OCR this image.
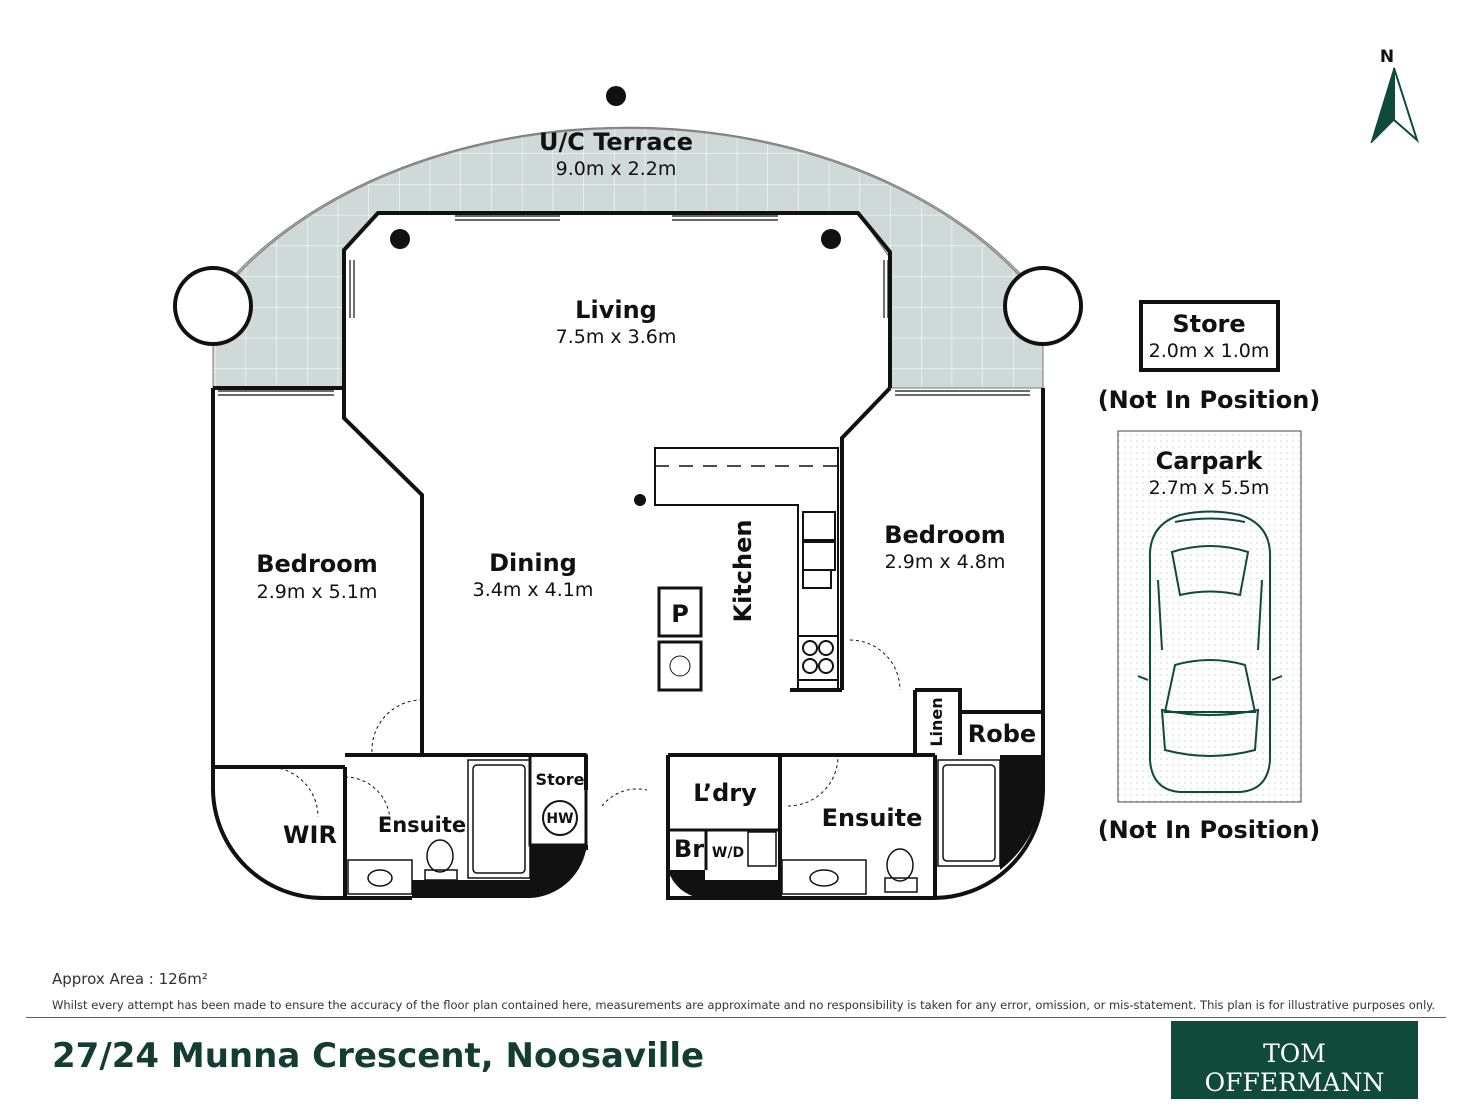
U/C Terrace
9.0m x 2.2m
Living
7.5m x 3.6m
Dining
3.4m x 4.1m
Bedroom
2.9m x 5.1m
Bedroom
2.9m x 4.8m
Kitchen
P
WIR Ensuite	Ensuite
Store
HW
L’dry
Br W/D
Linen Robe
Store
2.0m x 1.0m
(Not In Position)
Carpark
2.7m x 5.5m
(Not In Position)
N
Approx Area : 126m²
Whilst every attempt has been made to ensure the accuracy of the floor plan contained here, measurements are approximate and no responsibility is taken for any error, omission, or mis-statement. This plan is for illustrative purposes only.
27/24 Munna Crescent, Noosaville	TOM OFFERMANN
REAL ESTATE
